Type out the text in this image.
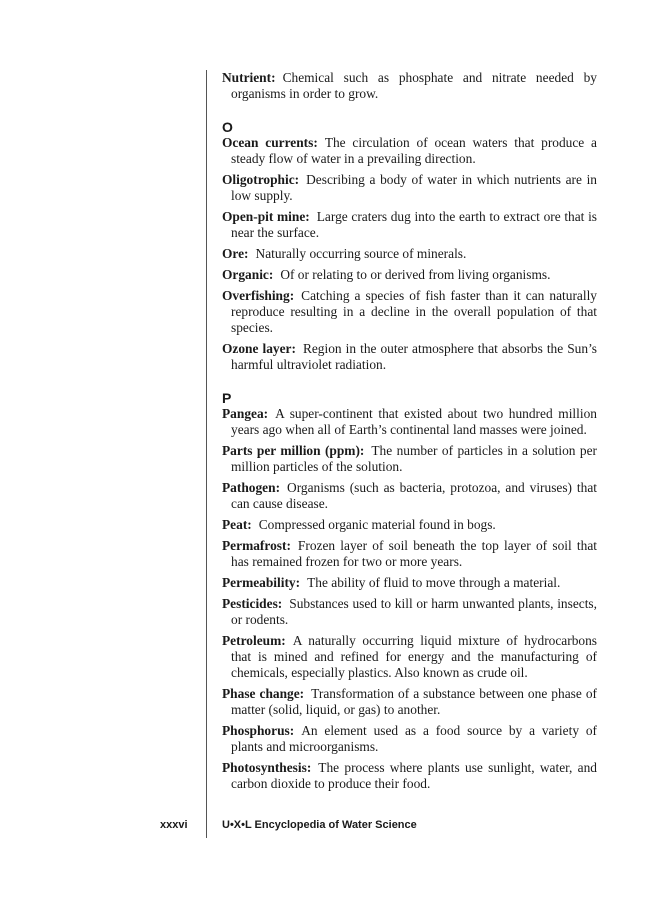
Nutrient: Chemical such as phosphate and nitrate needed by organisms in order to grow.

O

Ocean currents: The circulation of ocean waters that produce a steady flow of water in a prevailing direction.

Oligotrophic: Describing a body of water in which nutrients are in low supply.

Open-pit mine: Large craters dug into the earth to extract ore that is near the surface.

Ore: Naturally occurring source of minerals.

Organic: Of or relating to or derived from living organisms.

Overfishing: Catching a species of fish faster than it can naturally reproduce resulting in a decline in the overall population of that species.

Ozone layer: Region in the outer atmosphere that absorbs the Sun’s harmful ultraviolet radiation.

P

Pangea: A super-continent that existed about two hundred million years ago when all of Earth’s continental land masses were joined.

Parts per million (ppm): The number of particles in a solution per million particles of the solution.

Pathogen: Organisms (such as bacteria, protozoa, and viruses) that can cause disease.

Peat: Compressed organic material found in bogs.

Permafrost: Frozen layer of soil beneath the top layer of soil that has remained frozen for two or more years.

Permeability: The ability of fluid to move through a material.

Pesticides: Substances used to kill or harm unwanted plants, insects, or rodents.

Petroleum: A naturally occurring liquid mixture of hydrocarbons that is mined and refined for energy and the manufacturing of chemicals, especially plastics. Also known as crude oil.

Phase change: Transformation of a substance between one phase of matter (solid, liquid, or gas) to another.

Phosphorus: An element used as a food source by a variety of plants and microorganisms.

Photosynthesis: The process where plants use sunlight, water, and carbon dioxide to produce their food.

xxxvi	U•X•L Encyclopedia of Water Science
